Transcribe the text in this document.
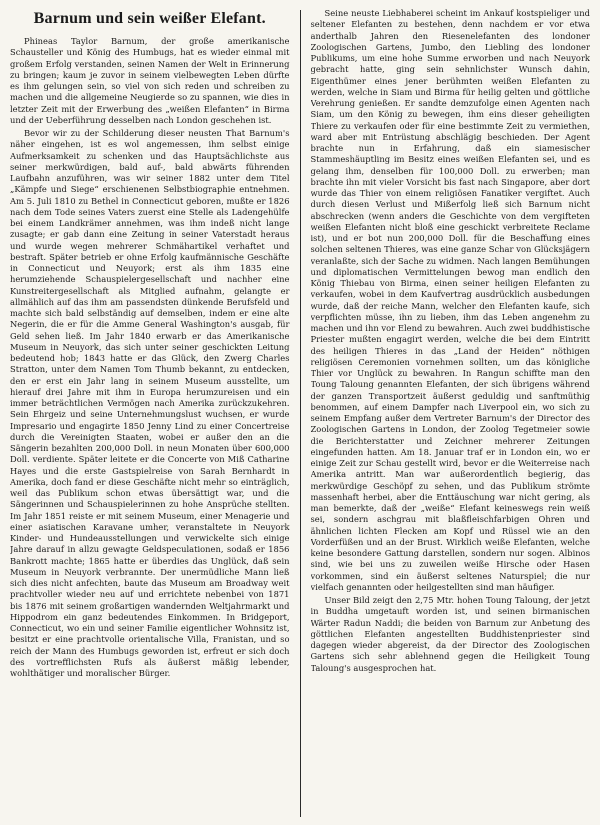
Barnum und sein weißer Elefant.

Phineas Taylor Barnum, der große amerikanische Schausteller und König des Humbugs, hat es wieder einmal mit großem Erfolg verstanden, seinen Namen der Welt in Erinnerung zu bringen; kaum je zuvor in seinem vielbewegten Leben dürfte es ihm gelungen sein, so viel von sich reden und schreiben zu machen und die allgemeine Neugierde so zu spannen, wie dies in letzter Zeit mit der Erwerbung des „weißen Elefanten“ in Birma und der Ueberführung desselben nach London geschehen ist.

Bevor wir zu der Schilderung dieser neusten That Barnum's näher eingehen, ist es wol angemessen, ihm selbst einige Aufmerksamkeit zu schenken und das Hauptsächlichste aus seiner merkwürdigen, bald auf-, bald abwärts führenden Laufbahn anzuführen, was wir seiner 1882 unter dem Titel „Kämpfe und Siege“ erschienenen Selbstbiographie entnehmen. Am 5. Juli 1810 zu Bethel in Connecticut geboren, mußte er 1826 nach dem Tode seines Vaters zuerst eine Stelle als Ladengehülfe bei einem Landkrämer annehmen, was ihm indeß nicht lange zusagte; er gab dann eine Zeitung in seiner Vaterstadt heraus und wurde wegen mehrerer Schmähartikel verhaftet und bestraft. Später betrieb er ohne Erfolg kaufmännische Geschäfte in Connecticut und Neuyork; erst als ihm 1835 eine herumziehende Schauspielergesellschaft und nachher eine Kunstreitergesellschaft als Mitglied aufnahm, gelangte er allmählich auf das ihm am passendsten dünkende Berufsfeld und machte sich bald selbständig auf demselben, indem er eine alte Negerin, die er für die Amme General Washington's ausgab, für Geld sehen ließ. Im Jahr 1840 erwarb er das Amerikanische Museum in Neuyork, das sich unter seiner geschickten Leitung bedeutend hob; 1843 hatte er das Glück, den Zwerg Charles Stratton, unter dem Namen Tom Thumb bekannt, zu entdecken, den er erst ein Jahr lang in seinem Museum ausstellte, um hierauf drei Jahre mit ihm in Europa herumzureisen und ein immer beträchtlichen Vermögen nach Amerika zurückzukehren. Sein Ehrgeiz und seine Unternehmungslust wuchsen, er wurde Impresario und engagirte 1850 Jenny Lind zu einer Concertreise durch die Vereinigten Staaten, wobei er außer den an die Sängerin bezahlten 200,000 Doll. in neun Monaten über 600,000 Doll. verdiente. Später leitete er die Concerte von Miß Catharine Hayes und die erste Gastspielreise von Sarah Bernhardt in Amerika, doch fand er diese Geschäfte nicht mehr so einträglich, weil das Publikum schon etwas übersättigt war, und die Sängerinnen und Schauspielerinnen zu hohe Ansprüche stellten. Im Jahr 1851 reiste er mit seinem Museum, einer Menagerie und einer asiatischen Karavane umher, veranstaltete in Neuyork Kinder- und Hundeausstellungen und verwickelte sich einige Jahre darauf in allzu gewagte Geldspeculationen, sodaß er 1856 Bankrott machte; 1865 hatte er überdies das Unglück, daß sein Museum in Neuyork verbrannte. Der unermüdliche Mann ließ sich dies nicht anfechten, baute das Museum am Broadway weit prachtvoller wieder neu auf und errichtete nebenbei von 1871 bis 1876 mit seinem großartigen wandernden Weltjahrmarkt und Hippodrom ein ganz bedeutendes Einkommen. In Bridgeport, Connecticut, wo ein und seiner Familie eigentlicher Wohnsitz ist, besitzt er eine prachtvolle orientalische Villa, Franistan, und so reich der Mann des Humbugs geworden ist, erfreut er sich doch des vortrefflichsten Rufs als äußerst mäßig lebender, wohlthätiger und moralischer Bürger.

Seine neuste Liebhaberei scheint im Ankauf kostspieliger und seltener Elefanten zu bestehen, denn nachdem er vor etwa anderthalb Jahren den Riesenelefanten des londoner Zoologischen Gartens, Jumbo, den Liebling des londoner Publikums, um eine hohe Summe erworben und nach Neuyork gebracht hatte, ging sein sehnlichster Wunsch dahin, Eigenthümer eines jener berühmten weißen Elefanten zu werden, welche in Siam und Birma für heilig gelten und göttliche Verehrung genießen. Er sandte demzufolge einen Agenten nach Siam, um den König zu bewegen, ihm eins dieser geheiligten Thiere zu verkaufen oder für eine bestimmte Zeit zu vermiethen, ward aber mit Entrüstung abschlägig beschieden. Der Agent brachte nun in Erfahrung, daß ein siamesischer Stammeshäuptling im Besitz eines weißen Elefanten sei, und es gelang ihm, denselben für 100,000 Doll. zu erwerben; man brachte ihn mit vieler Vorsicht bis fast nach Singapore, aber dort wurde das Thier von einem religiösen Fanatiker vergiftet. Auch durch diesen Verlust und Mißerfolg ließ sich Barnum nicht abschrecken (wenn anders die Geschichte von dem vergifteten weißen Elefanten nicht bloß eine geschickt verbreitete Reclame ist), und er bot nun 200,000 Doll. für die Beschaffung eines solchen seltenen Thieres, was eine ganze Schar von Glücksjägern veranlaßte, sich der Sache zu widmen. Nach langen Bemühungen und diplomatischen Vermittelungen bewog man endlich den König Thiebau von Birma, einen seiner heiligen Elefanten zu verkaufen, wobei in dem Kaufvertrag ausdrücklich ausbedungen wurde, daß der reiche Mann, welcher den Elefanten kaufe, sich verpflichten müsse, ihn zu lieben, ihm das Leben angenehm zu machen und ihn vor Elend zu bewahren. Auch zwei buddhistische Priester mußten engagirt werden, welche die bei dem Eintritt des heiligen Thieres in das „Land der Heiden“ nöthigen religiösen Ceremonien vornehmen sollten, um das königliche Thier vor Unglück zu bewahren. In Rangun schiffte man den Toung Taloung genannten Elefanten, der sich übrigens während der ganzen Transportzeit äußerst geduldig und sanftmüthig benommen, auf einem Dampfer nach Liverpool ein, wo sich zu seinem Empfang außer dem Vertreter Barnum's der Director des Zoologischen Gartens in London, der Zoolog Tegetmeier sowie die Berichterstatter und Zeichner mehrerer Zeitungen eingefunden hatten. Am 18. Januar traf er in London ein, wo er einige Zeit zur Schau gestellt wird, bevor er die Weiterreise nach Amerika antritt. Man war außerordentlich begierig, das merkwürdige Geschöpf zu sehen, und das Publikum strömte massenhaft herbei, aber die Enttäuschung war nicht gering, als man bemerkte, daß der „weiße“ Elefant keineswegs rein weiß sei, sondern aschgrau mit blaßfleischfarbigen Ohren und ähnlichen lichten Flecken am Kopf und Rüssel wie an den Vorderfüßen und an der Brust. Wirklich weiße Elefanten, welche keine besondere Gattung darstellen, sondern nur sogen. Albinos sind, wie bei uns zu zuweilen weiße Hirsche oder Hasen vorkommen, sind ein äußerst seltenes Naturspiel; die nur vielfach genannten oder heilgestellten sind man häufiger.

Unser Bild zeigt den 2,75 Mtr. hohen Toung Taloung, der jetzt in Buddha umgetauft worden ist, und seinen birmanischen Wärter Radun Naddi; die beiden von Barnum zur Anbetung des göttlichen Elefanten angestellten Buddhistenpriester sind dagegen wieder abgereist, da der Director des Zoologischen Gartens sich sehr ablehnend gegen die Heiligkeit Toung Taloung's ausgesprochen hat.
